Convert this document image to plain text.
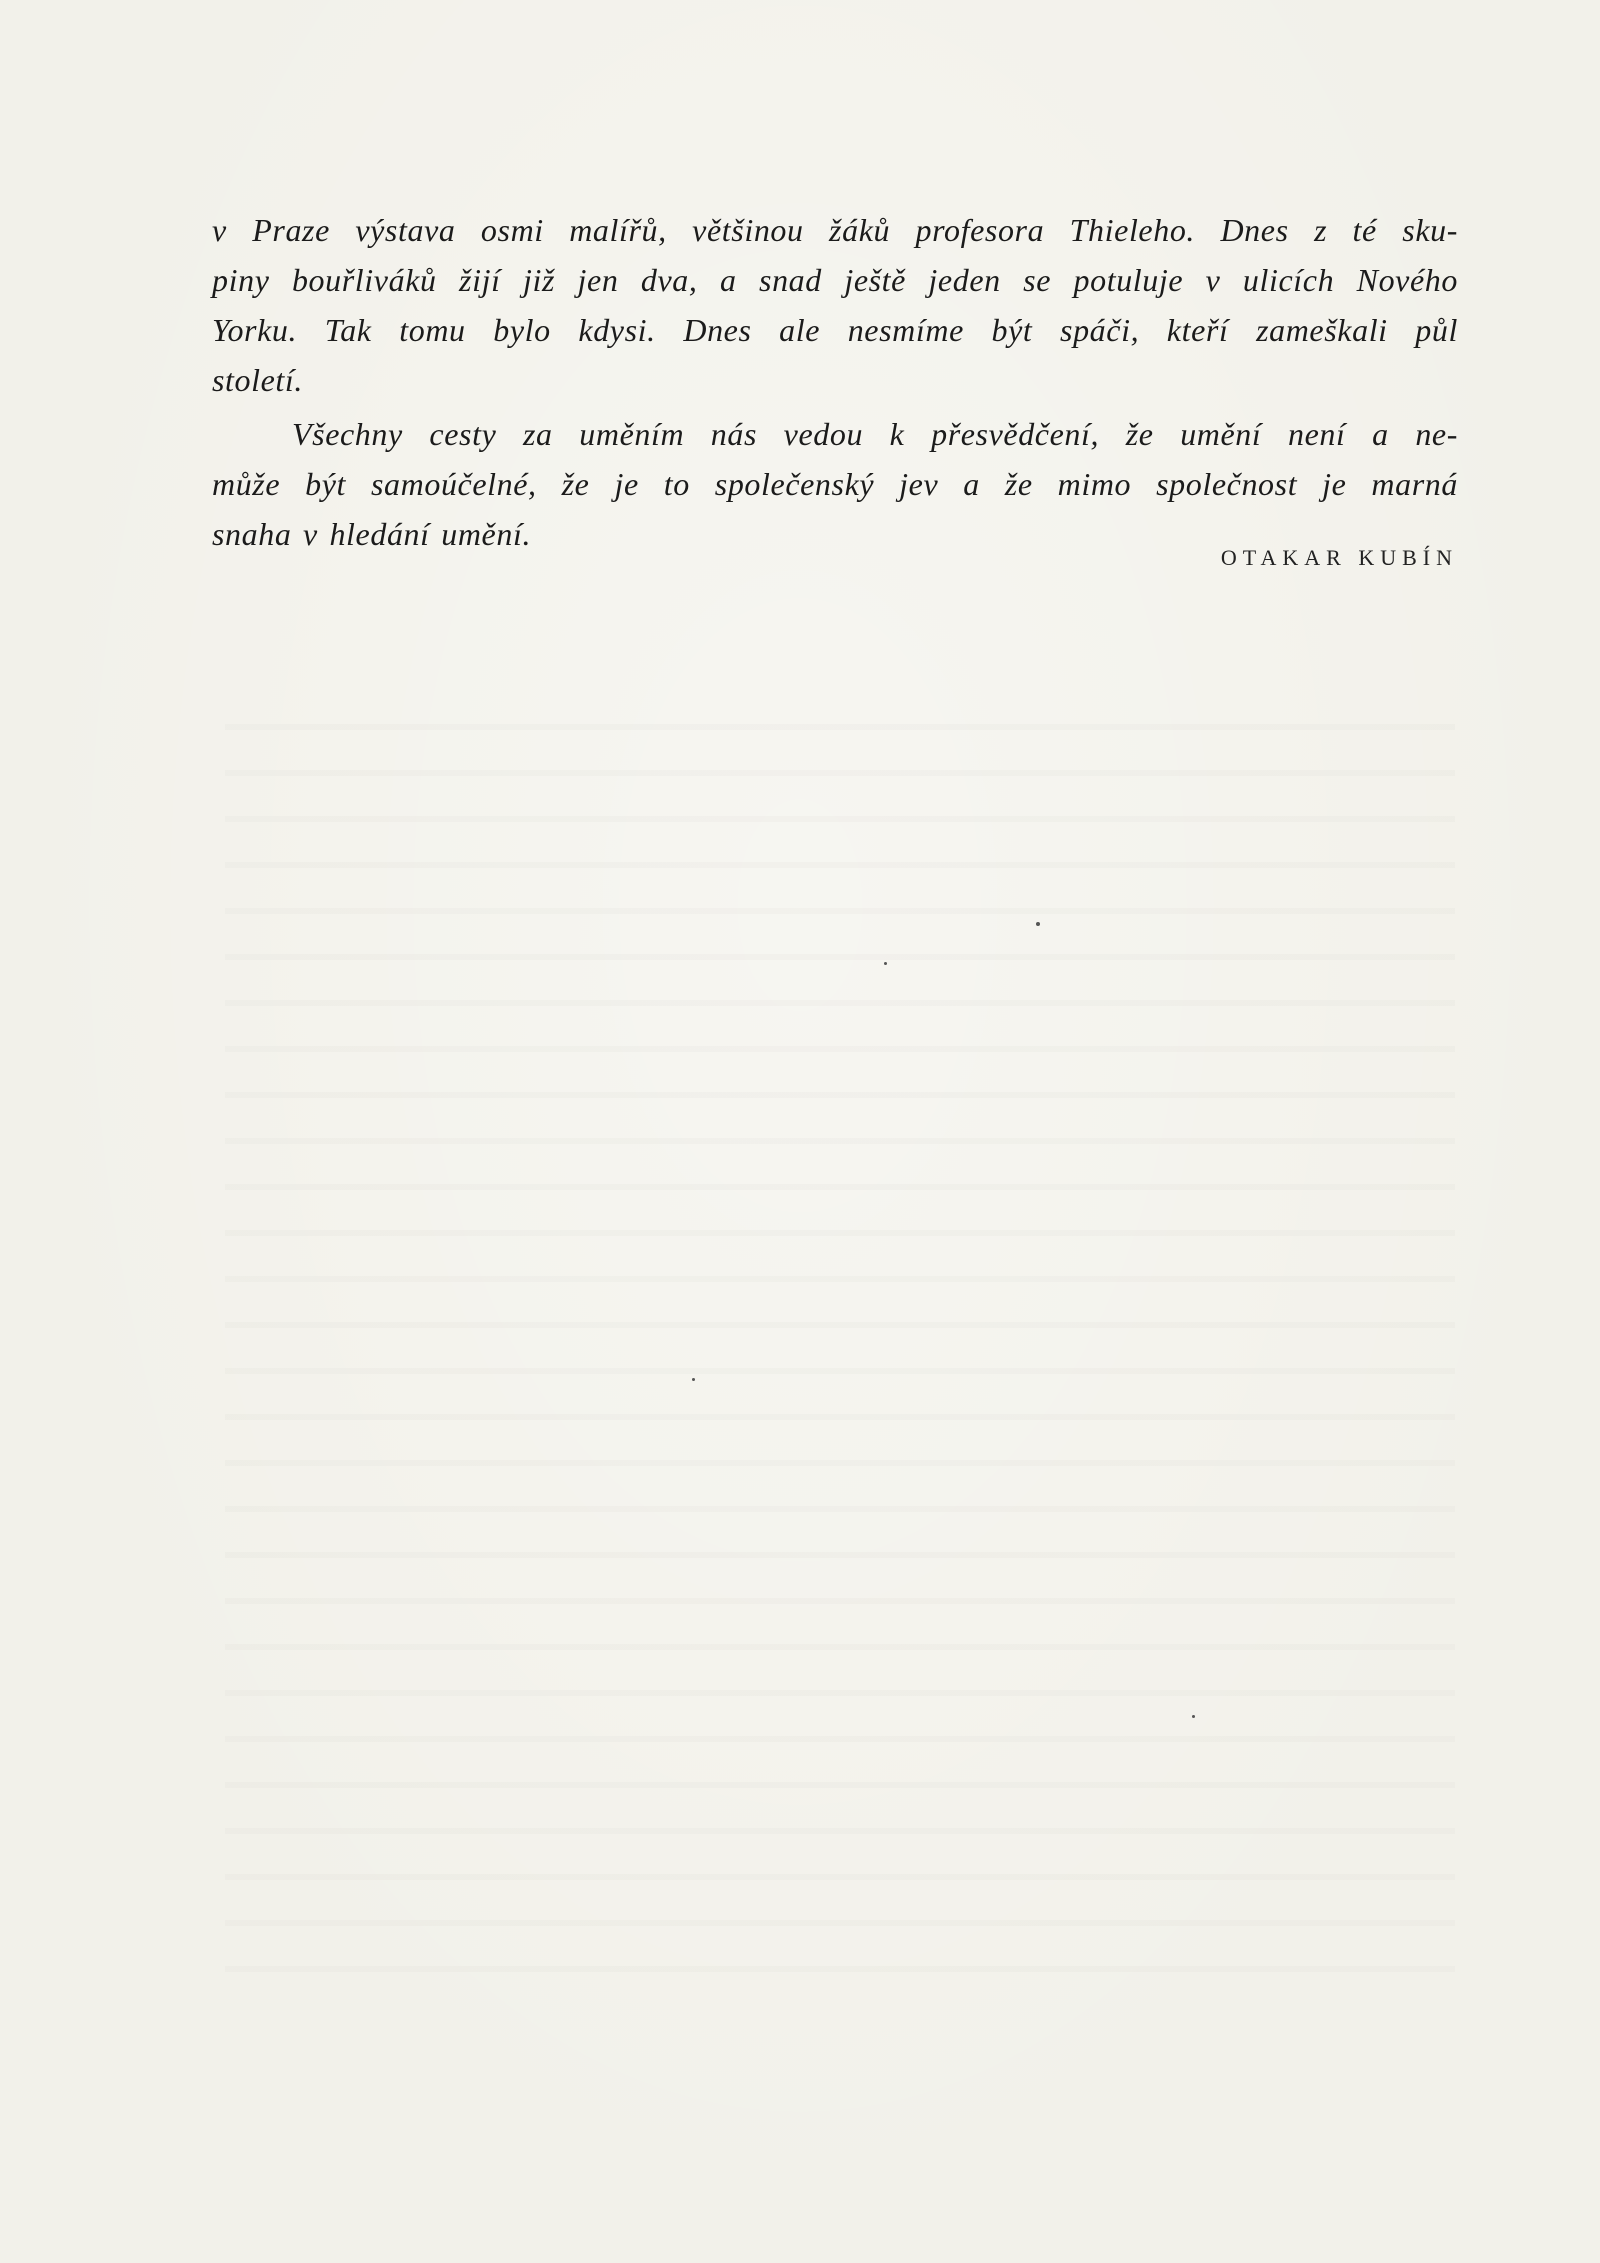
v Praze výstava osmi malířů, většinou žáků profesora Thieleho. Dnes z té sku-
piny bouřliváků žijí již jen dva, a snad ještě jeden se potuluje v ulicích Nového
Yorku. Tak tomu bylo kdysi. Dnes ale nesmíme být spáči, kteří zameškali půl
století.

Všechny cesty za uměním nás vedou k přesvědčení, že umění není a ne-
může být samoúčelné, že je to společenský jev a že mimo společnost je marná
snaha v hledání umění.

OTAKAR KUBÍN
